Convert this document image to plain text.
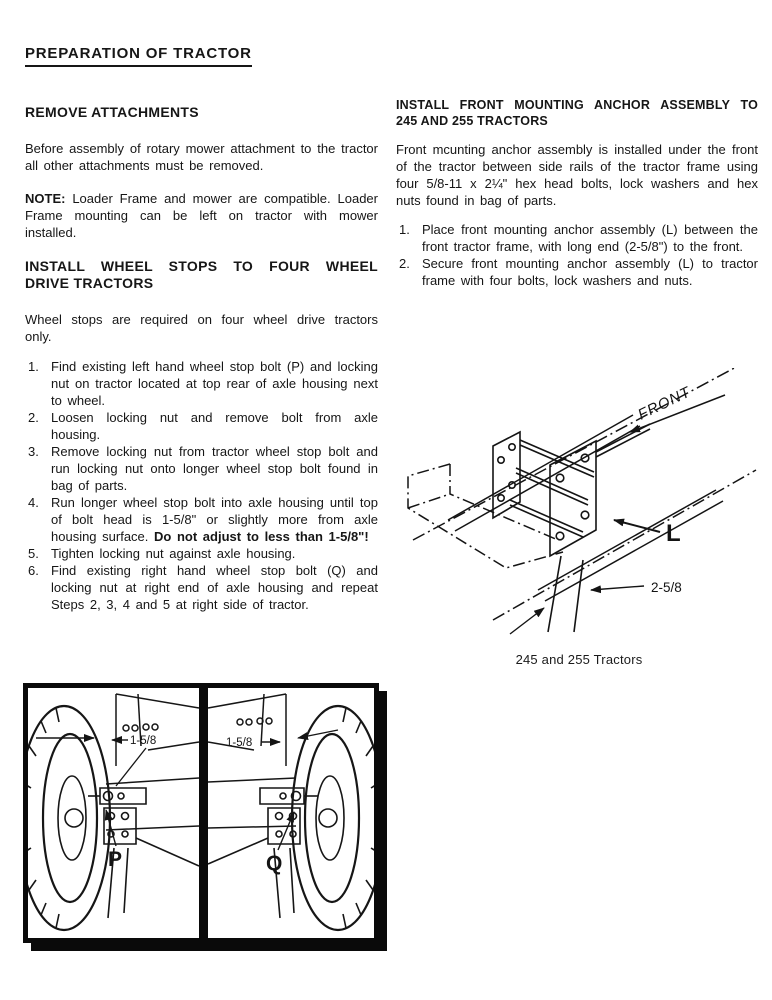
PREPARATION OF TRACTOR
REMOVE ATTACHMENTS

Before assembly of rotary mower attachment to the tractor all other attachments must be removed.

NOTE: Loader Frame and mower are compatible. Loader Frame mounting can be left on tractor with mower installed.

INSTALL WHEEL STOPS TO FOUR WHEEL
DRIVE TRACTORS

Wheel stops are required on four wheel drive tractors only.

1. Find existing left hand wheel stop bolt (P) and locking nut on tractor located at top rear of axle housing next to wheel.
2. Loosen locking nut and remove bolt from axle housing.
3. Remove locking nut from tractor wheel stop bolt and run locking nut onto longer wheel stop bolt found in bag of parts.
4. Run longer wheel stop bolt into axle housing until top of bolt head is 1-5/8" or slightly more from axle housing surface. Do not adjust to less than 1-5/8"!
5. Tighten locking nut against axle housing.
6. Find existing right hand wheel stop bolt (Q) and locking nut at right end of axle housing and repeat Steps 2, 3, 4 and 5 at right side of tractor.
INSTALL FRONT MOUNTING ANCHOR ASSEMBLY TO
245 AND 255 TRACTORS

Front mcunting anchor assembly is installed under the front of the tractor between side rails of the tractor frame using four 5/8-11 x 2¼" hex head bolts, lock washers and hex nuts found in bag of parts.

1. Place front mounting anchor assembly (L) between the front tractor frame, with long end (2-5/8") to the front.
2. Secure front mounting anchor assembly (L) to tractor frame with four bolts, lock washers and nuts.
FRONT
L
2-5/8
245 and 255 Tractors
1-5/8
P
1-5/8
Q
